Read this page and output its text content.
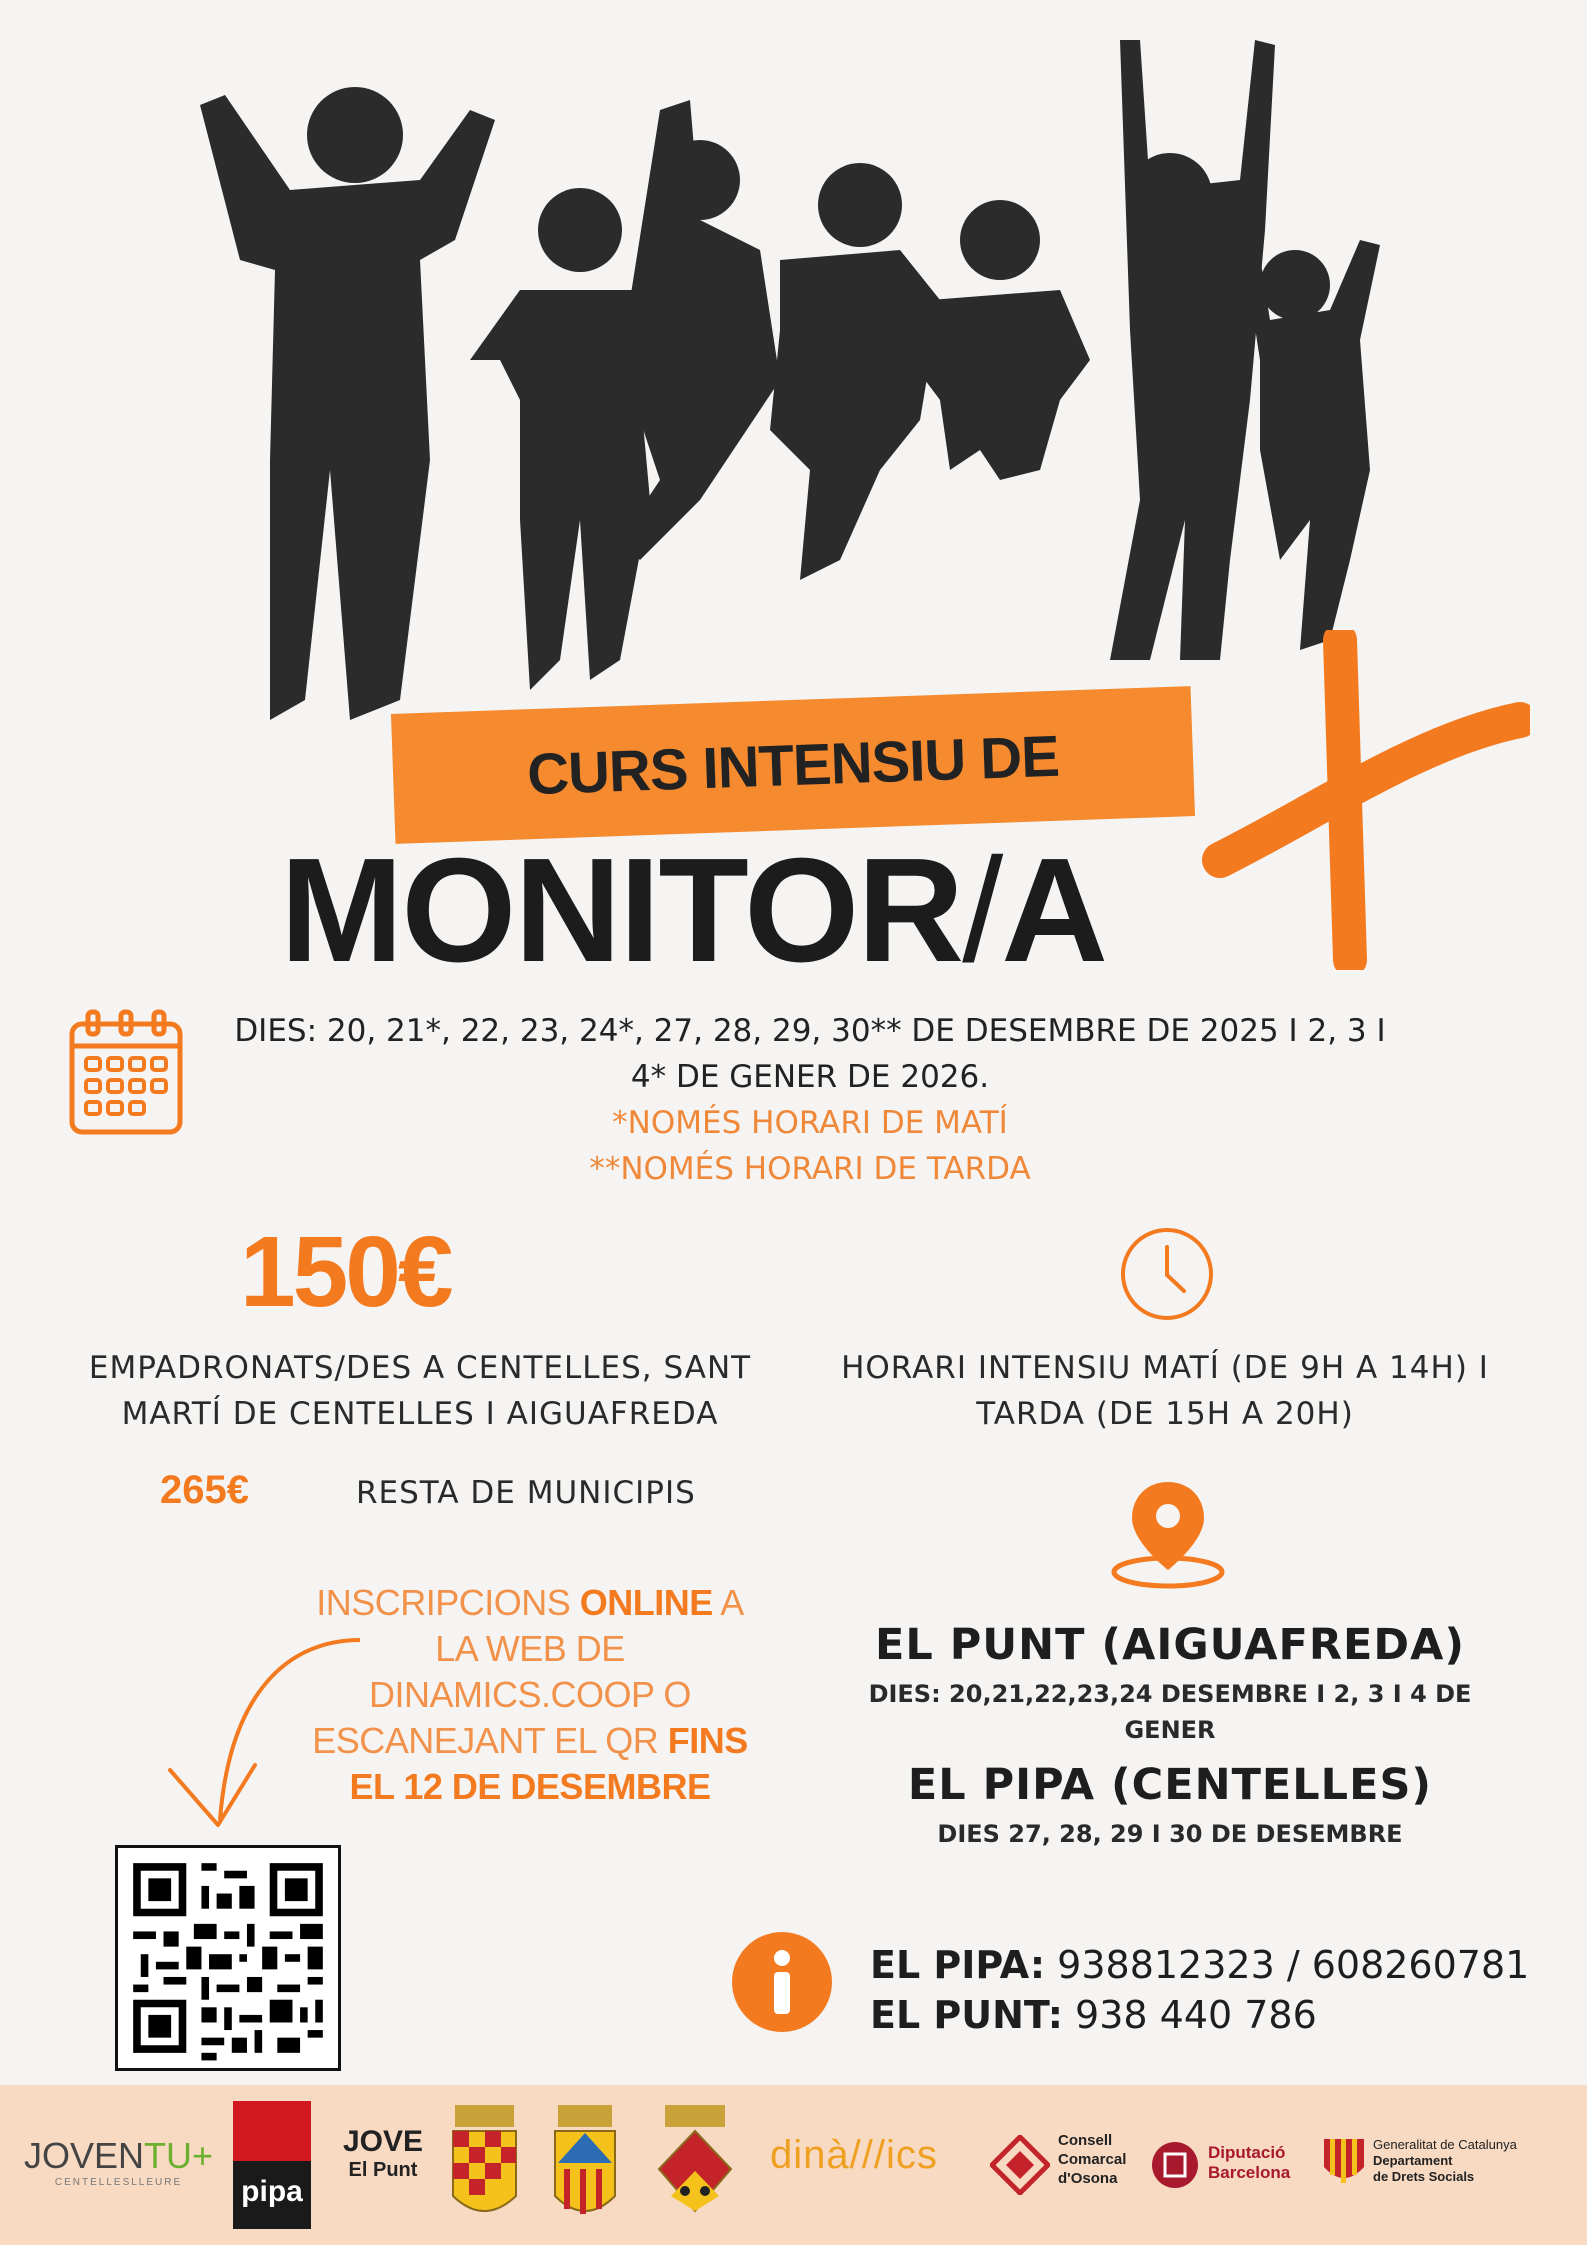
CURS INTENSIU DE
MONITOR/A
DIES: 20, 21*, 22, 23, 24*, 27, 28, 29, 30** DE DESEMBRE DE 2025 I 2, 3 I
4* DE GENER DE 2026.
*NOMÉS HORARI DE MATÍ
**NOMÉS HORARI DE TARDA
150€
EMPADRONATS/DES A CENTELLES, SANT
MARTÍ DE CENTELLES I AIGUAFREDA
265€	RESTA DE MUNICIPIS
HORARI INTENSIU MATÍ (DE 9H A 14H) I
TARDA (DE 15H A 20H)
INSCRIPCIONS ONLINE A
LA WEB DE
DINAMICS.COOP O
ESCANEJANT EL QR FINS
EL 12 DE DESEMBRE
EL PUNT (AIGUAFREDA)
DIES: 20,21,22,23,24 DESEMBRE I 2, 3 I 4 DE
GENER
EL PIPA (CENTELLES)
DIES 27, 28, 29 I 30 DE DESEMBRE
EL PIPA: 938812323 / 608260781
EL PUNT: 938 440 786
JOVENTU+
CENTELLESLLEURE	pipa
JOVE
El Punt	dinà///ics	Consell
Comarcal
d'Osona
Diputació
Barcelona
Generalitat de Catalunya
Departament
de Drets Socials
